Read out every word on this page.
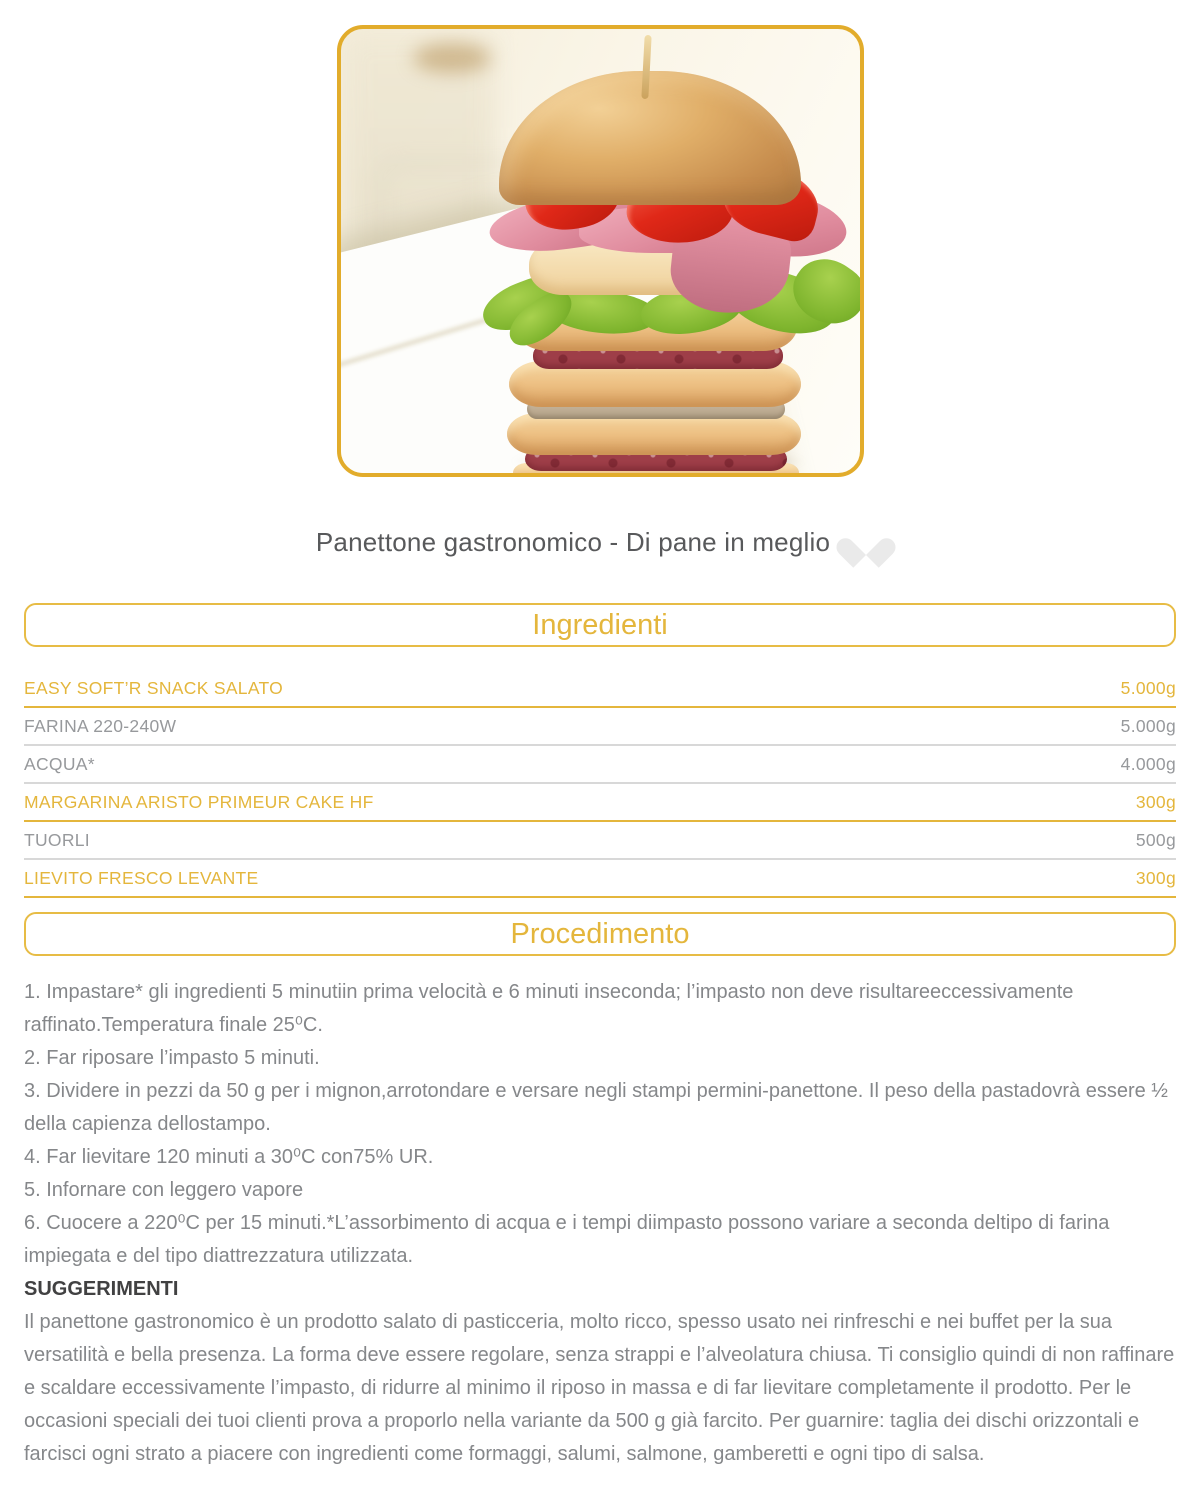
Panettone gastronomico - Di pane in meglio
Ingredienti
EASY SOFT’R SNACK SALATO	5.000g
FARINA 220-240W	5.000g
ACQUA*	4.000g
MARGARINA ARISTO PRIMEUR CAKE HF	300g
TUORLI	500g
LIEVITO FRESCO LEVANTE	300g
Procedimento

1. Impastare* gli ingredienti 5 minutiin prima velocità e 6 minuti inseconda; l’impasto non deve risultareeccessivamente raffinato.Temperatura finale 25⁰C.

2. Far riposare l’impasto 5 minuti.

3. Dividere in pezzi da 50 g per i mignon,arrotondare e versare negli stampi permini-panettone. Il peso della pastadovrà essere ½ della capienza dellostampo.

4. Far lievitare 120 minuti a 30⁰C con75% UR.

5. Infornare con leggero vapore

6. Cuocere a 220⁰C per 15 minuti.*L’assorbimento di acqua e i tempi diimpasto possono variare a seconda deltipo di farina impiegata e del tipo diattrezzatura utilizzata.

SUGGERIMENTI

Il panettone gastronomico è un prodotto salato di pasticceria, molto ricco, spesso usato nei rinfreschi e nei buffet per la sua versatilità e bella presenza. La forma deve essere regolare, senza strappi e l’alveolatura chiusa. Ti consiglio quindi di non raffinare e scaldare eccessivamente l’impasto, di ridurre al minimo il riposo in massa e di far lievitare completamente il prodotto. Per le occasioni speciali dei tuoi clienti prova a proporlo nella variante da 500 g già farcito. Per guarnire: taglia dei dischi orizzontali e farcisci ogni strato a piacere con ingredienti come formaggi, salumi, salmone, gamberetti e ogni tipo di salsa.
